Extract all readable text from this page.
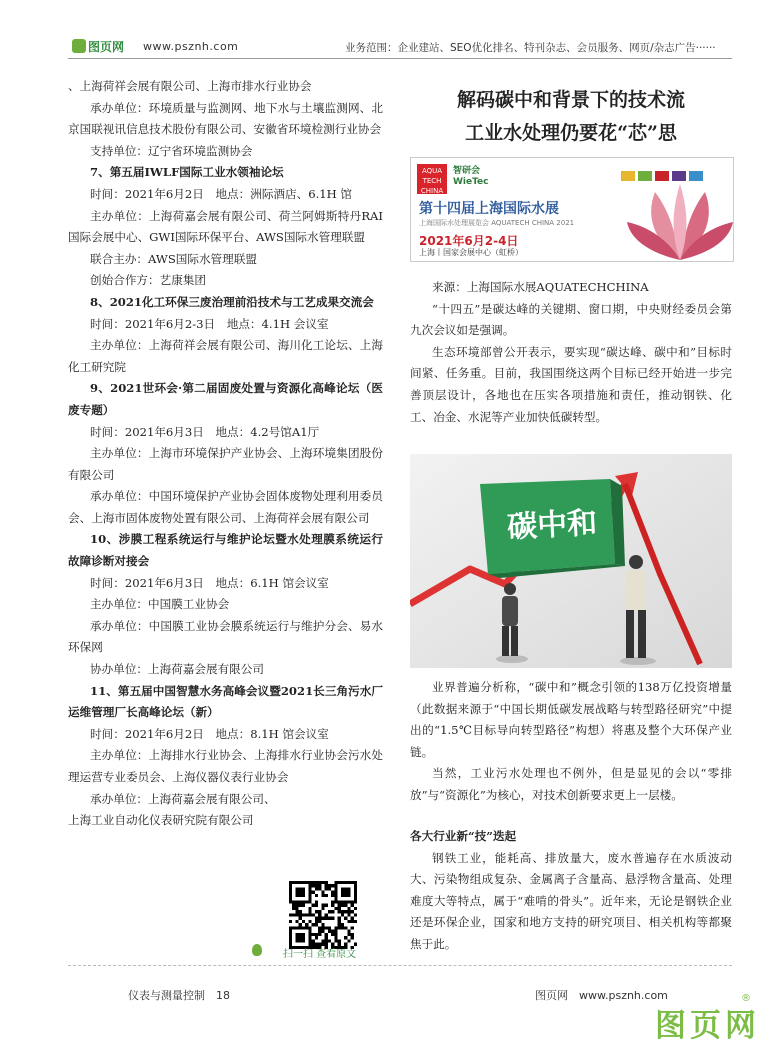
图页网 www.psznh.com	业务范围：企业建站、SEO优化排名、特刊杂志、会员服务、网页/杂志广告······

、上海荷祥会展有限公司、上海市排水行业协会

承办单位：环境质量与监测网、地下水与土壤监测网、北京国联视讯信息技术股份有限公司、安徽省环境检测行业协会

支持单位：辽宁省环境监测协会

7、第五届IWLF国际工业水领袖论坛

时间：2021年6月2日　地点：洲际酒店、6.1H 馆

主办单位：上海荷嘉会展有限公司、荷兰阿姆斯特丹RAI国际会展中心、GWI国际环保平台、AWS国际水管理联盟

联合主办：AWS国际水管理联盟

创始合作方：艺康集团

8、2021化工环保三废治理前沿技术与工艺成果交流会

时间：2021年6月2-3日　地点：4.1H 会议室

主办单位：上海荷祥会展有限公司、海川化工论坛、上海化工研究院

9、2021世环会·第二届固废处置与资源化高峰论坛（医废专题）

时间：2021年6月3日　地点：4.2号馆A1厅

主办单位：上海市环境保护产业协会、上海环境集团股份有限公司

承办单位：中国环境保护产业协会固体废物处理利用委员会、上海市固体废物处置有限公司、上海荷祥会展有限公司

10、涉膜工程系统运行与维护论坛暨水处理膜系统运行故障诊断对接会

时间：2021年6月3日　地点：6.1H 馆会议室

主办单位：中国膜工业协会

承办单位：中国膜工业协会膜系统运行与维护分会、易水环保网

协办单位：上海荷嘉会展有限公司

11、第五届中国智慧水务高峰会议暨2021长三角污水厂运维管理厂长高峰论坛（新）

时间：2021年6月2日　地点：8.1H 馆会议室

主办单位：上海排水行业协会、上海排水行业协会污水处理运营专业委员会、上海仪器仪表行业协会

承办单位：上海荷嘉会展有限公司、

上海工业自动化仪表研究院有限公司

解码碳中和背景下的技术流
工业水处理仍要花“芯”思
AQUA TECH CHINA
智研会
WieTec
第十四届上海国际水展
上海国际水处理展览会 AQUATECH CHINA 2021
2021年6月2-4日
上海丨国家会展中心（虹桥）

来源：上海国际水展AQUATECHCHINA

“十四五”是碳达峰的关键期、窗口期，中央财经委员会第九次会议如是强调。

生态环境部曾公开表示，要实现“碳达峰、碳中和”目标时间紧、任务重。目前，我国围绕这两个目标已经开始进一步完善顶层设计，各地也在压实各项措施和责任，推动钢铁、化工、冶金、水泥等产业加快低碳转型。

碳中和

业界普遍分析称，“碳中和”概念引领的138万亿投资增量（此数据来源于“中国长期低碳发展战略与转型路径研究”中提出的“1.5℃目标导向转型路径”构想）将惠及整个大环保产业链。

当然，工业污水处理也不例外，但是显见的会以“零排放”与“资源化”为核心，对技术创新要求更上一层楼。

各大行业新“技”迭起

钢铁工业，能耗高、排放量大，废水普遍存在水质波动大、污染物组成复杂、金属离子含量高、悬浮物含量高、处理难度大等特点，属于“难啃的骨头”。近年来，无论是钢铁企业还是环保企业，国家和地方支持的研究项目、相关机构等都聚焦于此。

扫一扫 查看原文
仪表与测量控制　18	图页网　www.psznh.com
图页网
®
